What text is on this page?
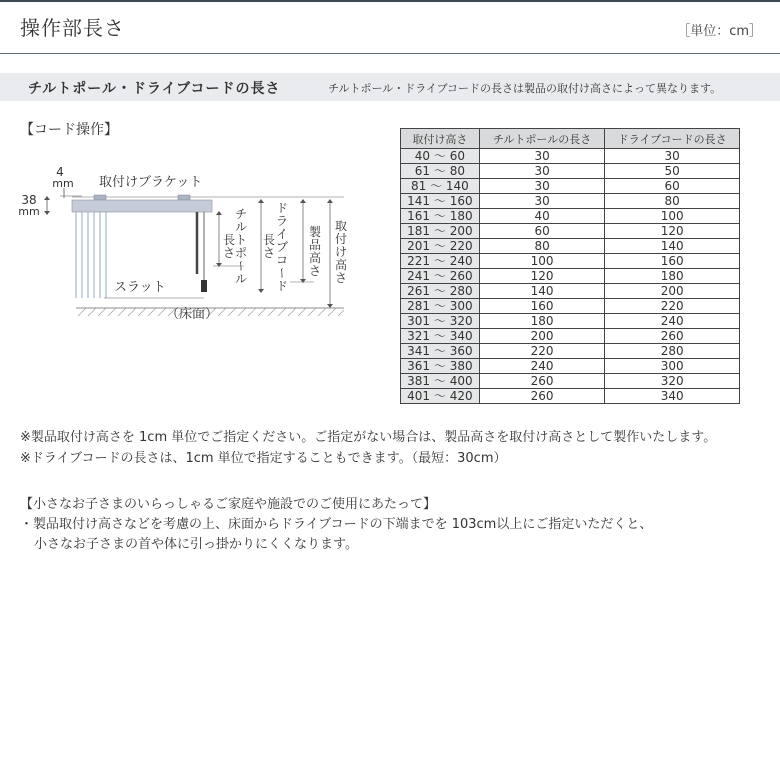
操作部長さ	［単位：cm］
チルトポール・ドライブコードの長さ	チルトポール・ドライブコードの長さは製品の取付け高さによって異なります。
【コード操作】
4
mm
38
mm
取付けブラケット
スラット
（床面）
チ
ル
ト
ポ
ー
ル
長
さ
ド
ラ
イ
ブ
コ
ー
ド
長
さ
製
品
高
さ
取
付
け
高
さ
取付け高さ	チルトポールの長さ	ドライブコードの長さ
40 ～ 60	30	30
61 ～ 80	30	50
81 ～ 140	30	60
141 ～ 160	30	80
161 ～ 180	40	100
181 ～ 200	60	120
201 ～ 220	80	140
221 ～ 240	100	160
241 ～ 260	120	180
261 ～ 280	140	200
281 ～ 300	160	220
301 ～ 320	180	240
321 ～ 340	200	260
341 ～ 360	220	280
361 ～ 380	240	300
381 ～ 400	260	320
401 ～ 420	260	340

※製品取付け高さを 1cm 単位でご指定ください。ご指定がない場合は、製品高さを取付け高さとして製作いたします。

※ドライブコードの長さは、1cm 単位で指定することもできます。（最短：30cm）

【小さなお子さまのいらっしゃるご家庭や施設でのご使用にあたって】

・製品取付け高さなどを考慮の上、床面からドライブコードの下端までを 103cm以上にご指定いただくと、

小さなお子さまの首や体に引っ掛かりにくくなります。
